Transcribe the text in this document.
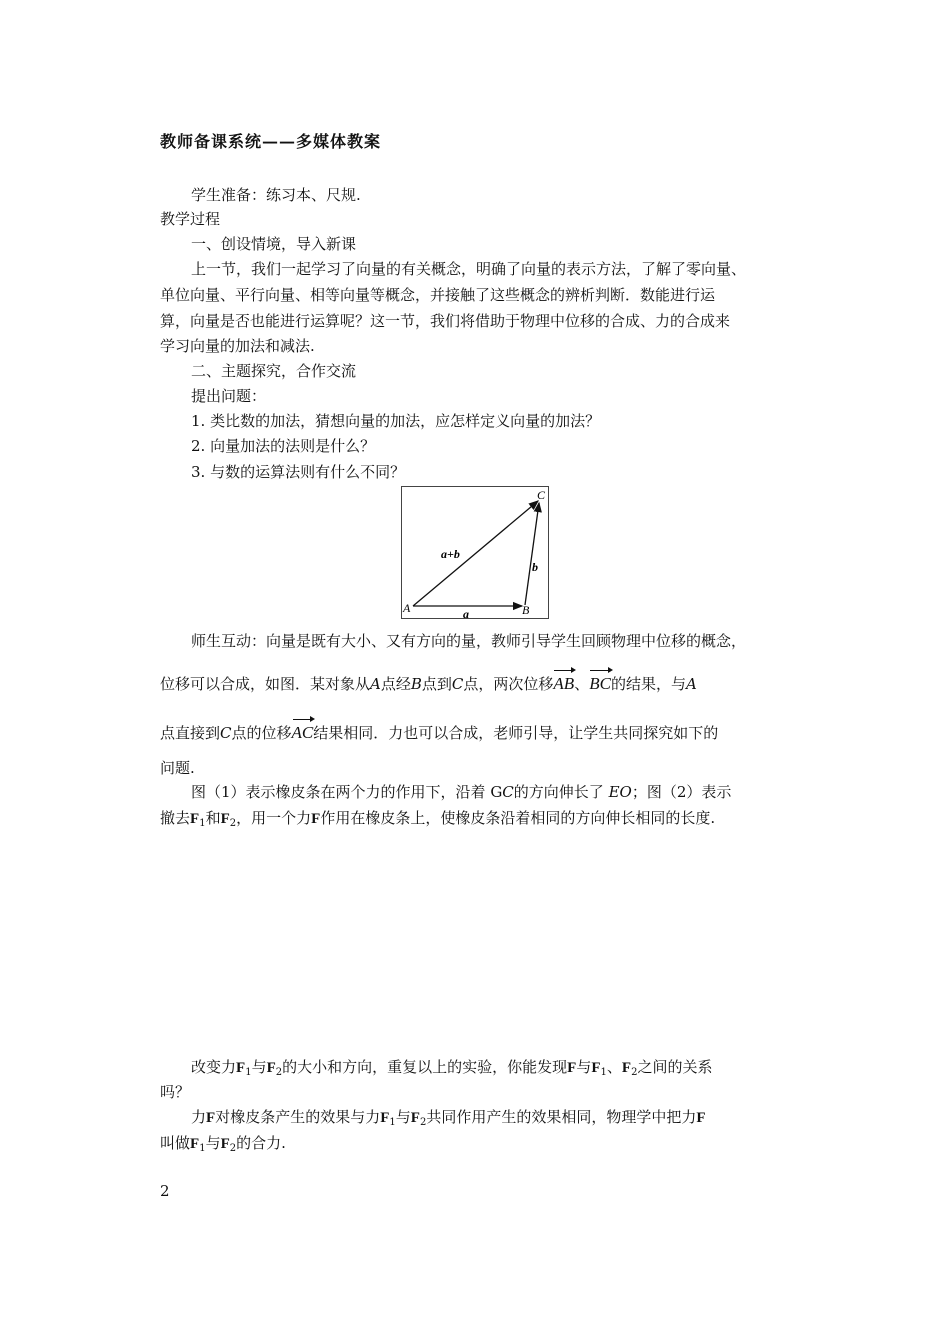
教师备课系统——多媒体教案
学生准备：练习本、尺规.
教学过程
一、创设情境，导入新课
上一节，我们一起学习了向量的有关概念，明确了向量的表示方法，了解了零向量、
单位向量、平行向量、相等向量等概念，并接触了这些概念的辨析判断．数能进行运
算，向量是否也能进行运算呢？这一节，我们将借助于物理中位移的合成、力的合成来
学习向量的加法和减法.
二、主题探究，合作交流
提出问题：
1. 类比数的加法，猜想向量的加法，应怎样定义向量的加法？
2. 向量加法的法则是什么？
3. 与数的运算法则有什么不同？
A	B
C
a
b
a+b
师生互动：向量是既有大小、又有方向的量，教师引导学生回顾物理中位移的概念，
位移可以合成，如图．某对象从A点经B点到C点，两次位移AB
、BC
的结果，与A
点直接到C点的位移AC
结果相同．力也可以合成，老师引导，让学生共同探究如下的
问题.
图（1）表示橡皮条在两个力的作用下，沿着 GC的方向伸长了 EO；图（2）表示
撤去$F_1$和$F_2$，用一个力F作用在橡皮条上，使橡皮条沿着相同的方向伸长相同的长度.
改变力$F_1$与$F_2$的大小和方向，重复以上的实验，你能发现F与$F_1$、$F_2$之间的关系
吗？
力F对橡皮条产生的效果与力$F_1$与$F_2$共同作用产生的效果相同，物理学中把力F
叫做$F_1$与$F_2$的合力.
2
